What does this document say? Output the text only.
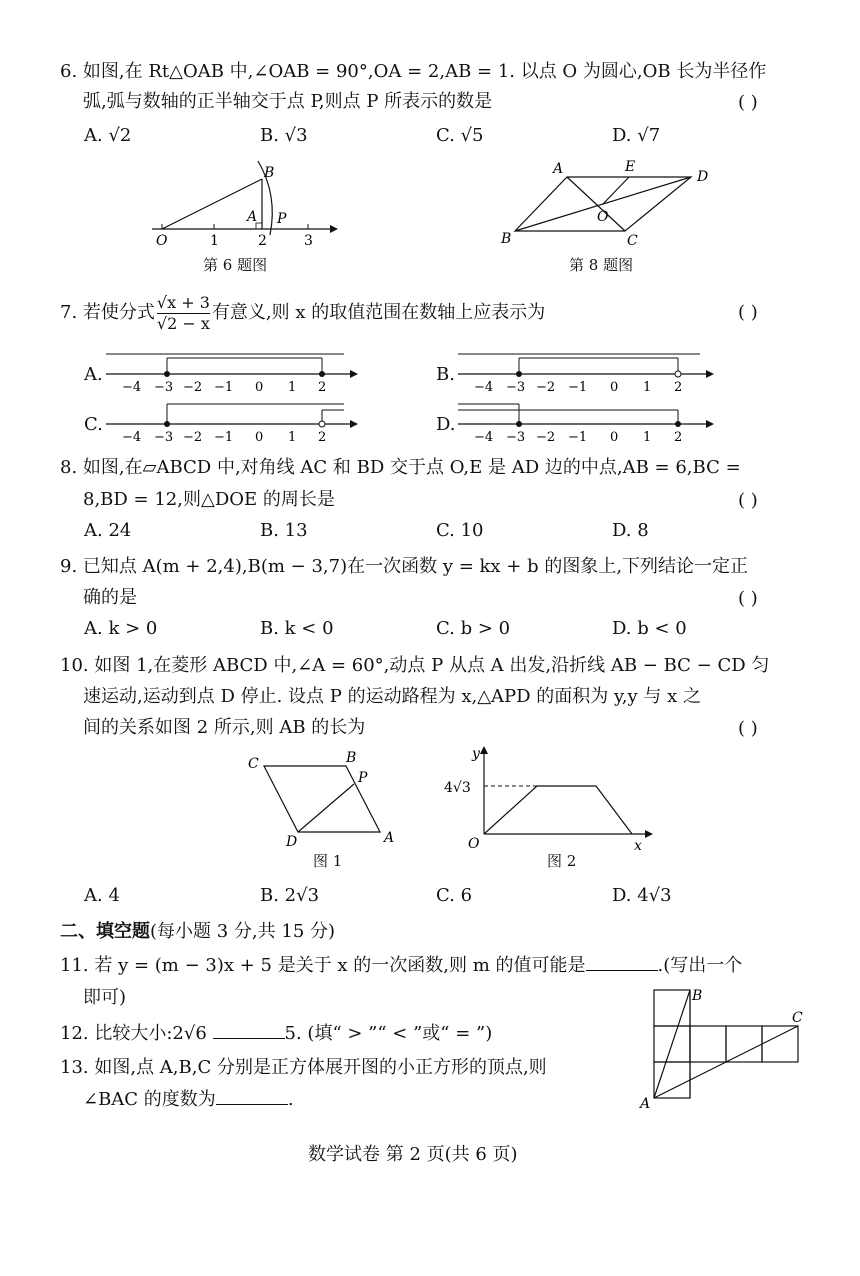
6. 如图,在 Rt△OAB 中,∠OAB = 90°,OA = 2,AB = 1. 以点 O 为圆心,OB 长为半径作
弧,弧与数轴的正半轴交于点 P,则点 P 所表示的数是	( )
A. √2	B. √3	C. √5	D. √7
O	1	2	3
B
A P
第 6 题图
A	E
D
O
B	C
第 8 题图
7. 若使分式 $\frac{√x + 3}{√2 - x}$ 有意义,则 x 的取值范围在数轴上应表示为	( )
A.
−4 −3 −2 −1 0 1 2
B.
−4 −3 −2 −1 0 1 2
C.
−4 −3 −2 −1 0 1 2
D.
−4 −3 −2 −1 0 1 2
8. 如图,在▱ABCD 中,对角线 AC 和 BD 交于点 O,E 是 AD 边的中点,AB = 6,BC =
8,BD = 12,则△DOE 的周长是	( )
A. 24	B. 13	C. 10	D. 8
9. 已知点 A(m + 2,4),B(m − 3,7)在一次函数 y = kx + b 的图象上,下列结论一定正
确的是	( )
A. k > 0	B. k < 0	C. b > 0	D. b < 0
10. 如图 1,在菱形 ABCD 中,∠A = 60°,动点 P 从点 A 出发,沿折线 AB − BC − CD 匀
速运动,运动到点 D 停止. 设点 P 的运动路程为 x,△APD 的面积为 y,y 与 x 之
间的关系如图 2 所示,则 AB 的长为	( )
C	B
P
D	A
图 1
y
4√3
O	x
图 2
A. 4	B. 2√3	C. 6	D. 4√3
二、填空题(每小题 3 分,共 15 分)
11. 若 y = (m − 3)x + 5 是关于 x 的一次函数,则 m 的值可能是	.(写出一个
即可)
12. 比较大小:2√6	5. (填“ > ”“ < ”或“ = ”)
13. 如图,点 A,B,C 分别是正方体展开图的小正方形的顶点,则
∠BAC 的度数为	.
B
C
A
数学试卷 第 2 页(共 6 页)
